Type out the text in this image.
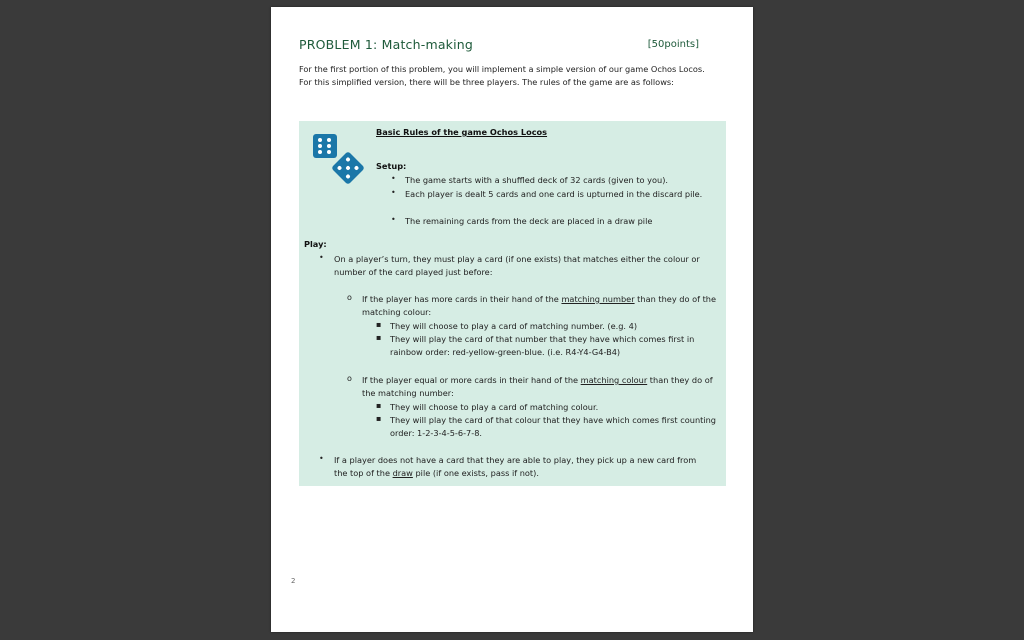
PROBLEM 1: Match-making	[50points]
For the first portion of this problem, you will implement a simple version of our game Ochos Locos. For this simplified version, there will be three players. The rules of the game are as follows:
Basic Rules of the game Ochos Locos
Setup:
• The game starts with a shuffled deck of 32 cards (given to you).
• Each player is dealt 5 cards and one card is upturned in the discard pile.
• The remaining cards from the deck are placed in a draw pile
Play:
• On a player’s turn, they must play a card (if one exists) that matches either the colour or number of the card played just before:
o If the player has more cards in their hand of the matching number than they do of the matching colour:
▪ They will choose to play a card of matching number. (e.g. 4)
▪ They will play the card of that number that they have which comes first in rainbow order: red-yellow-green-blue. (i.e. R4-Y4-G4-B4)
o If the player equal or more cards in their hand of the matching colour than they do of the matching number:
▪ They will choose to play a card of matching colour.
▪ They will play the card of that colour that they have which comes first counting order: 1-2-3-4-5-6-7-8.
• If a player does not have a card that they are able to play, they pick up a new card from the top of the draw pile (if one exists, pass if not).
2
